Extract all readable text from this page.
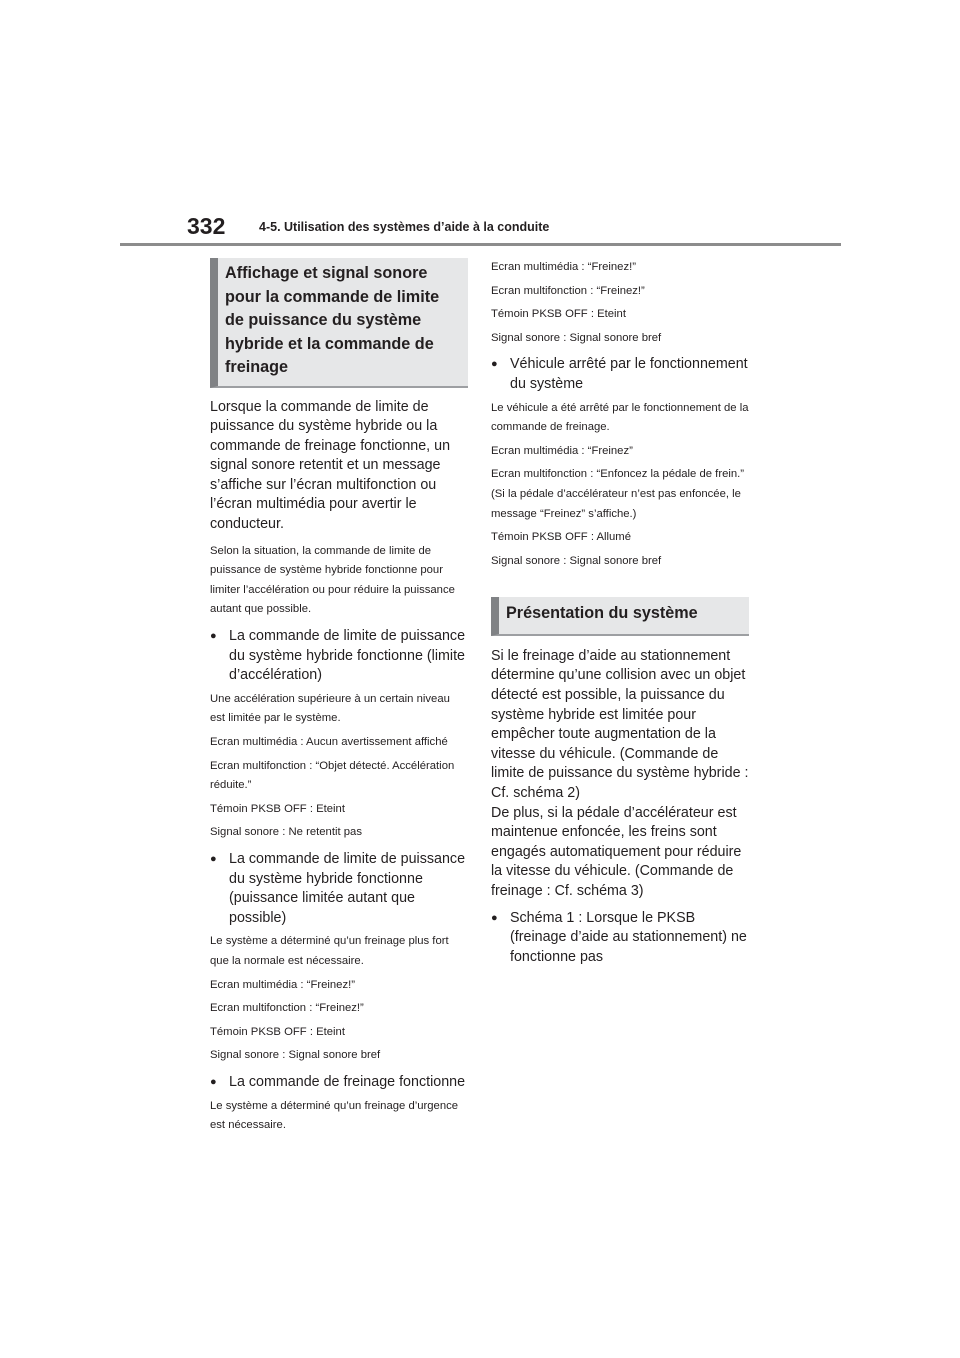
332	4-5. Utilisation des systèmes d’aide à la conduite
Affichage et signal sonore pour la commande de limite de puissance du système hybride et la commande de freinage

Lorsque la commande de limite de puissance du système hybride ou la commande de freinage fonctionne, un signal sonore retentit et un message s’affiche sur l’écran multifonction ou l’écran multimédia pour avertir le conducteur.

Selon la situation, la commande de limite de puissance de système hybride fonctionne pour limiter l’accélération ou pour réduire la puissance autant que possible.

● La commande de limite de puissance du système hybride fonctionne (limite d’accélération)

Une accélération supérieure à un certain niveau est limitée par le système.

Ecran multimédia : Aucun avertissement affiché

Ecran multifonction : “Objet détecté. Accélération réduite.”

Témoin PKSB OFF : Eteint

Signal sonore : Ne retentit pas

● La commande de limite de puissance du système hybride fonctionne (puissance limitée autant que possible)

Le système a déterminé qu’un freinage plus fort que la normale est nécessaire.

Ecran multimédia : “Freinez!”

Ecran multifonction : “Freinez!”

Témoin PKSB OFF : Eteint

Signal sonore : Signal sonore bref

● La commande de freinage fonctionne

Le système a déterminé qu’un freinage d’urgence est nécessaire.

Ecran multimédia : “Freinez!”

Ecran multifonction : “Freinez!”

Témoin PKSB OFF : Eteint

Signal sonore : Signal sonore bref

● Véhicule arrêté par le fonctionnement du système

Le véhicule a été arrêté par le fonctionnement de la commande de freinage.

Ecran multimédia : “Freinez”

Ecran multifonction : “Enfoncez la pédale de frein.” (Si la pédale d’accélérateur n’est pas enfoncée, le message “Freinez” s’affiche.)

Témoin PKSB OFF : Allumé

Signal sonore : Signal sonore bref

Présentation du système

Si le freinage d’aide au stationnement détermine qu’une collision avec un objet détecté est possible, la puissance du système hybride est limitée pour empêcher toute augmentation de la vitesse du véhicule. (Commande de limite de puissance du système hybride : Cf. schéma 2)

De plus, si la pédale d’accélérateur est maintenue enfoncée, les freins sont engagés automatiquement pour réduire la vitesse du véhicule. (Commande de freinage : Cf. schéma 3)

● Schéma 1 : Lorsque le PKSB (freinage d’aide au stationnement) ne fonctionne pas
